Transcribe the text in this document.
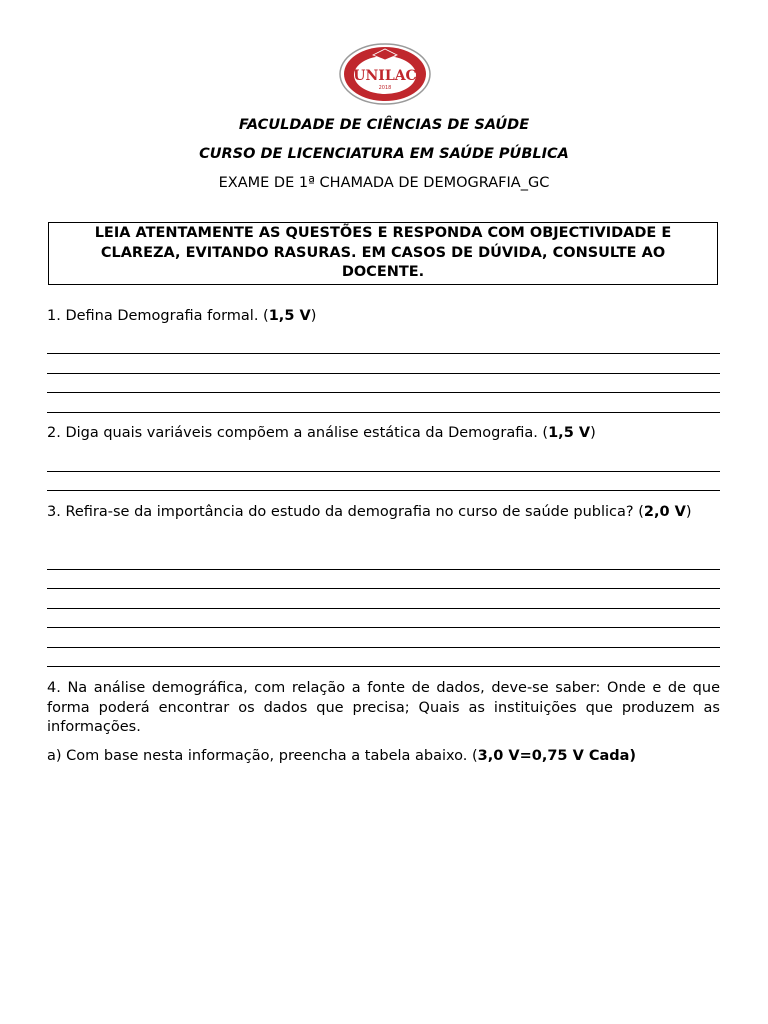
UNILAC
2018
FACULDADE DE CIÊNCIAS DE SAÚDE
CURSO DE LICENCIATURA EM SAÚDE PÚBLICA
EXAME DE 1ª CHAMADA DE DEMOGRAFIA_GC
LEIA ATENTAMENTE AS QUESTÕES E RESPONDA COM OBJECTIVIDADE E CLAREZA, EVITANDO RASURAS. EM CASOS DE DÚVIDA, CONSULTE AO DOCENTE.
1. Defina Demografia formal. (1,5 V)
2. Diga quais variáveis compõem a análise estática da Demografia. (1,5 V)
3. Refira-se da importância do estudo da demografia no curso de saúde publica? (2,0 V)
4. Na análise demográfica, com relação a fonte de dados, deve-se saber: Onde e de que forma poderá encontrar os dados que precisa; Quais as instituições que produzem as informações.
a) Com base nesta informação, preencha a tabela abaixo. (3,0 V=0,75 V Cada)
